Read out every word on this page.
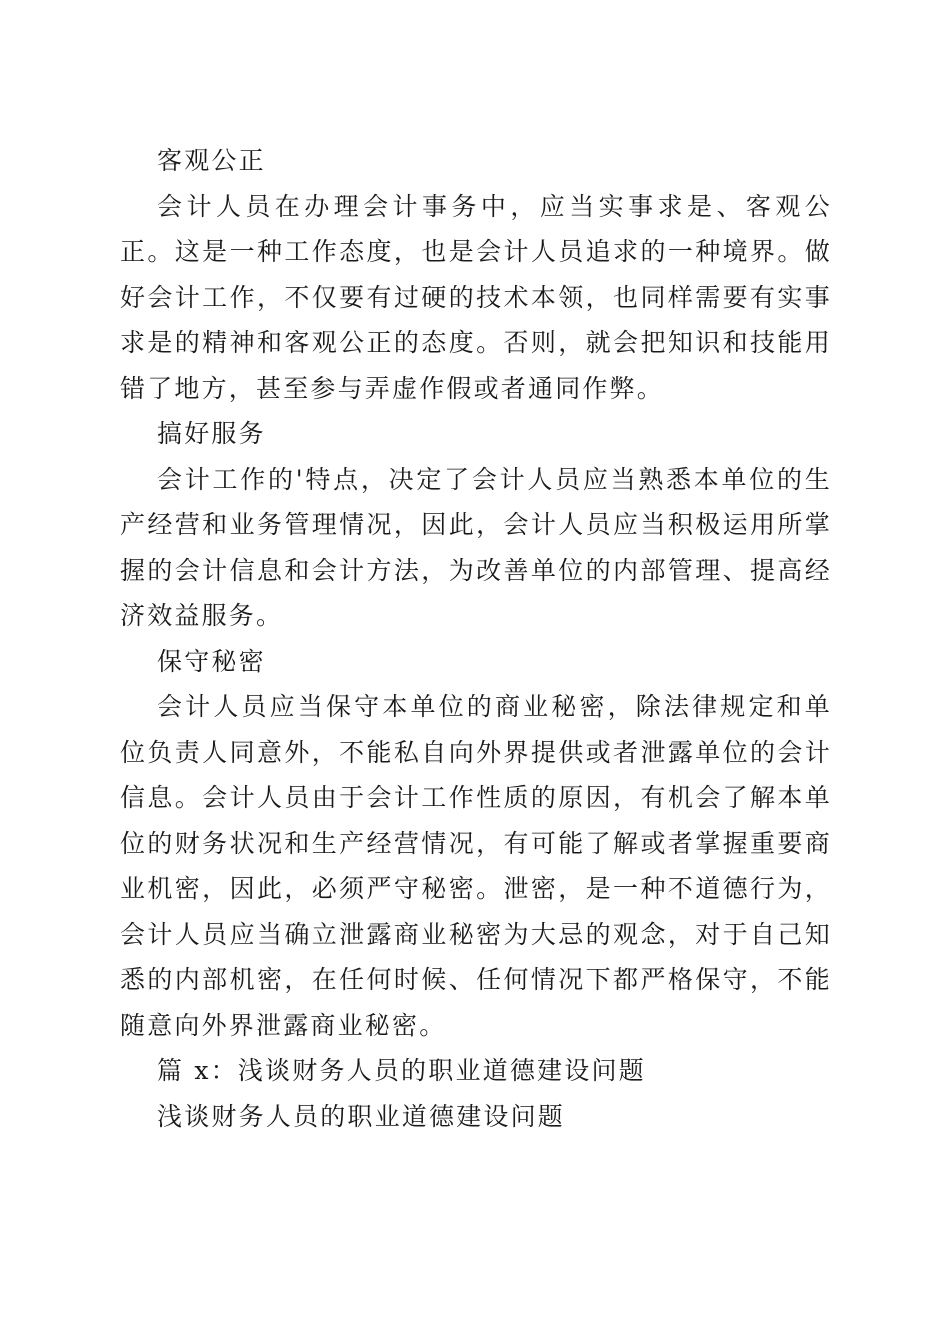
客观公正

会计人员在办理会计事务中，应当实事求是、客观公正。这是一种工作态度，也是会计人员追求的一种境界。做好会计工作，不仅要有过硬的技术本领，也同样需要有实事求是的精神和客观公正的态度。否则，就会把知识和技能用错了地方，甚至参与弄虚作假或者通同作弊。

搞好服务

会计工作的'特点，决定了会计人员应当熟悉本单位的生产经营和业务管理情况，因此，会计人员应当积极运用所掌握的会计信息和会计方法，为改善单位的内部管理、提高经济效益服务。

保守秘密

会计人员应当保守本单位的商业秘密，除法律规定和单位负责人同意外，不能私自向外界提供或者泄露单位的会计信息。会计人员由于会计工作性质的原因，有机会了解本单位的财务状况和生产经营情况，有可能了解或者掌握重要商业机密，因此，必须严守秘密。泄密，是一种不道德行为，会计人员应当确立泄露商业秘密为大忌的观念，对于自己知悉的内部机密，在任何时候、任何情况下都严格保守，不能随意向外界泄露商业秘密。

篇 x：浅谈财务人员的职业道德建设问题

浅谈财务人员的职业道德建设问题
